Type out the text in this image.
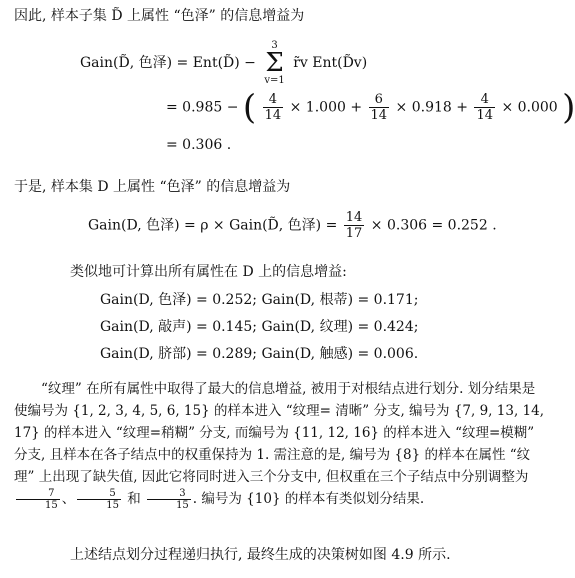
因此, 样本子集 D̃ 上属性 “色泽” 的信息增益为
Gain(D̃, 色泽) = Ent(D̃) −
3
Σ
v=1
r̃v Ent(D̃v)
= 0.985 − ( $\frac{4}{14} \times 1.000 + \frac{6}{14} \times 0.918 + \frac{4}{14} \times 0.000$ )
= 0.306 .
于是, 样本集 D 上属性 “色泽” 的信息增益为
Gain(D, 色泽) = ρ × Gain(D̃, 色泽) = $\frac{14}{17} \times 0.306 = 0.252$ .
类似地可计算出所有属性在 D 上的信息增益:
Gain(D, 色泽) = 0.252; Gain(D, 根蒂) = 0.171;
Gain(D, 敲声) = 0.145; Gain(D, 纹理) = 0.424;
Gain(D, 脐部) = 0.289; Gain(D, 触感) = 0.006.
“纹理” 在所有属性中取得了最大的信息增益, 被用于对根结点进行划分. 划分结果是使编号为 {1, 2, 3, 4, 5, 6, 15} 的样本进入 “纹理= 清晰” 分支, 编号为 {7, 9, 13, 14, 17} 的样本进入 “纹理=稍糊” 分支, 而编号为 {11, 12, 16} 的样本进入 “纹理=模糊” 分支, 且样本在各子结点中的权重保持为 1. 需注意的是, 编号为 {8} 的样本在属性 “纹理” 上出现了缺失值, 因此它将同时进入三个分支中, 但权重在三个子结点中分别调整为
$\frac{7}{15}$ 、 $\frac{5}{15}$ 和 $\frac{3}{15}$ . 编号为 {10} 的样本有类似划分结果.
上述结点划分过程递归执行, 最终生成的决策树如图 4.9 所示.
